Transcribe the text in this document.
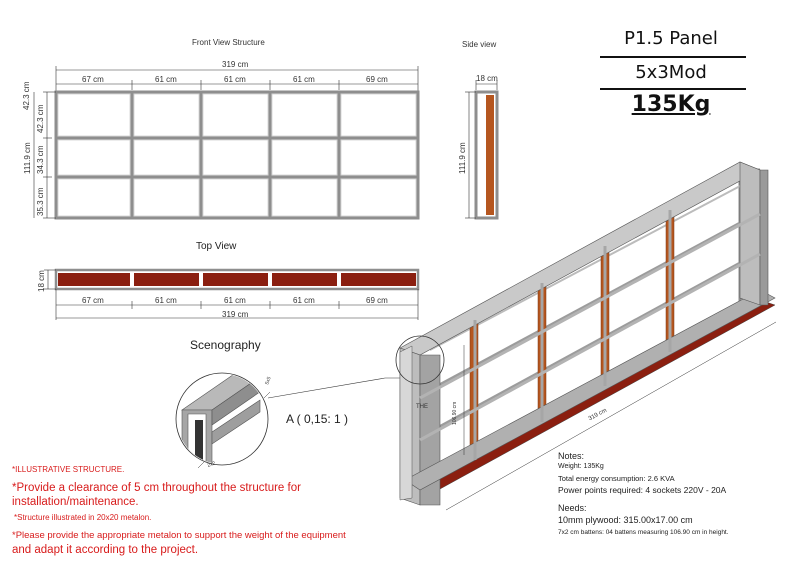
Front View Structure
5x5
2x2
319 cm
67 cm	61 cm	61 cm	61 cm	69 cm
42.3 cm
42.3 cm
34.3 cm
35.3 cm
111.9 cm
Side view
18 cm
111.9 cm
Top View
18 cm
67 cm	61 cm	61 cm	61 cm	69 cm
319 cm
P1.5 Panel
5x3Mod
135Kg
Scenography
A ( 0,15: 1 )
THE
319 cm
106.90 cm
*ILLUSTRATIVE STRUCTURE.
*Provide a clearance of 5 cm throughout the structure for
installation/maintenance.
*Structure illustrated in 20x20 metalon.
*Please provide the appropriate metalon to support the weight of the equipment
and adapt it according to the project.
Notes:
Weight: 135Kg
Total energy consumption: 2.6 KVA
Power points required: 4 sockets 220V - 20A
Needs:
10mm plywood: 315.00x17.00 cm
7x2 cm battens: 04 battens measuring 106.90 cm in height.
